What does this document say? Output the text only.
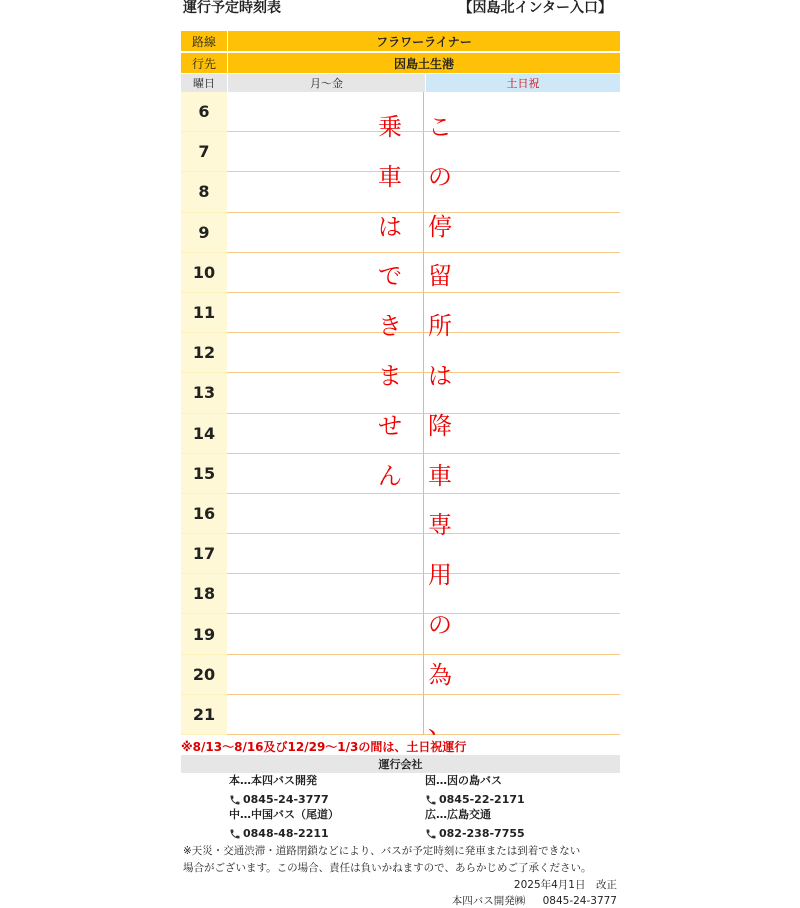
運行予定時刻表	【因島北インター入口】
路線	フラワーライナー
行先	因島土生港
曜日	月～金	土日祝
6
7
8
9
10
11
12
13
14
15
16
17
18
19
20
21
乗
車
は
で
き
ま
せ
ん
こ
の
停
留
所
は
降
車
専
用
の
為
、
※8/13～8/16及び12/29～1/3の間は、土日祝運行
運行会社
本…本四バス開発
0845-24-3777
因…因の島バス
0845-22-2171
中…中国バス（尾道）
0848-48-2211
広…広島交通
082-238-7755
※天災・交通渋滞・道路閉鎖などにより、バスが予定時刻に発車または到着できない
場合がございます。この場合、責任は負いかねますので、あらかじめご了承ください。
2025年4月1日　改正
本四バス開発㈱ 0845-24-3777
